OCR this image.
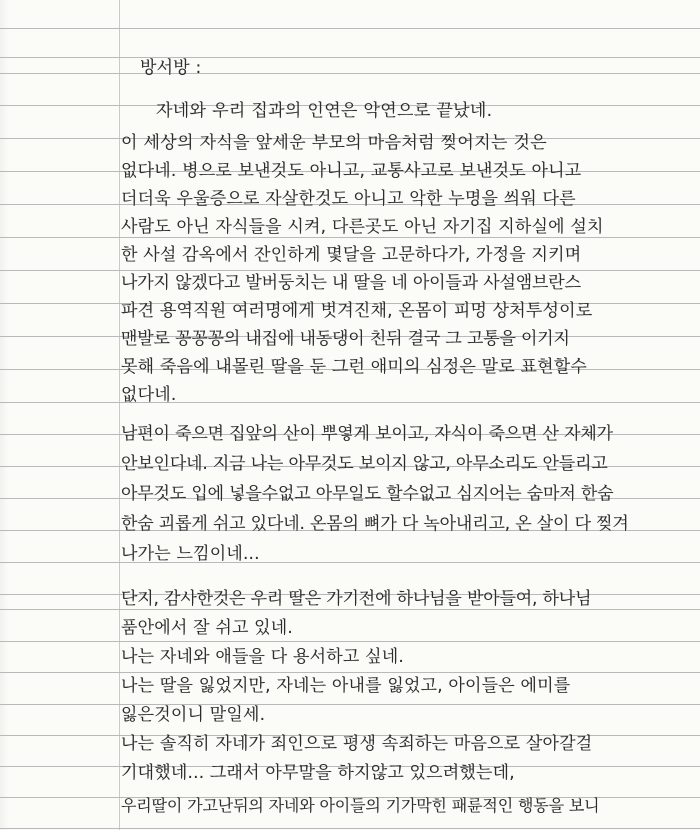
방서방 :
자네와 우리 집과의 인연은 악연으로 끝났네.
이 세상의 자식을 앞세운 부모의 마음처럼 찢어지는 것은
없다네. 병으로 보낸것도 아니고, 교통사고로 보낸것도 아니고
더더욱 우울증으로 자살한것도 아니고 악한 누명을 씌워 다른
사람도 아닌 자식들을 시켜, 다른곳도 아닌 자기집 지하실에 설치
한 사설 감옥에서 잔인하게 몇달을 고문하다가, 가정을 지키며
나가지 않겠다고 발버둥치는 내 딸을 네 아이들과 사설앰브란스
파견 용역직원 여러명에게 벗겨진채, 온몸이 피멍 상처투성이로
맨발로 꽁꽁꽁의 내집에 내동댕이 친뒤 결국 그 고통을 이기지
못해 죽음에 내몰린 딸을 둔 그런 애미의 심정은 말로 표현할수
없다네.
남편이 죽으면 집앞의 산이 뿌옇게 보이고, 자식이 죽으면 산 자체가
안보인다네. 지금 나는 아무것도 보이지 않고, 아무소리도 안들리고
아무것도 입에 넣을수없고 아무일도 할수없고 심지어는 숨마저 한숨
한숨 괴롭게 쉬고 있다네. 온몸의 뼈가 다 녹아내리고, 온 살이 다 찢겨
나가는 느낌이네...
단지, 감사한것은 우리 딸은 가기전에 하나님을 받아들여, 하나님
품안에서 잘 쉬고 있네.
나는 자네와 애들을 다 용서하고 싶네.
나는 딸을 잃었지만, 자네는 아내를 잃었고, 아이들은 에미를
잃은것이니 말일세.
나는 솔직히 자네가 죄인으로 평생 속죄하는 마음으로 살아갈걸
기대했네... 그래서 아무말을 하지않고 있으려했는데,
우리딸이 가고난뒤의 자네와 아이들의 기가막힌 패륜적인 행동을 보니
